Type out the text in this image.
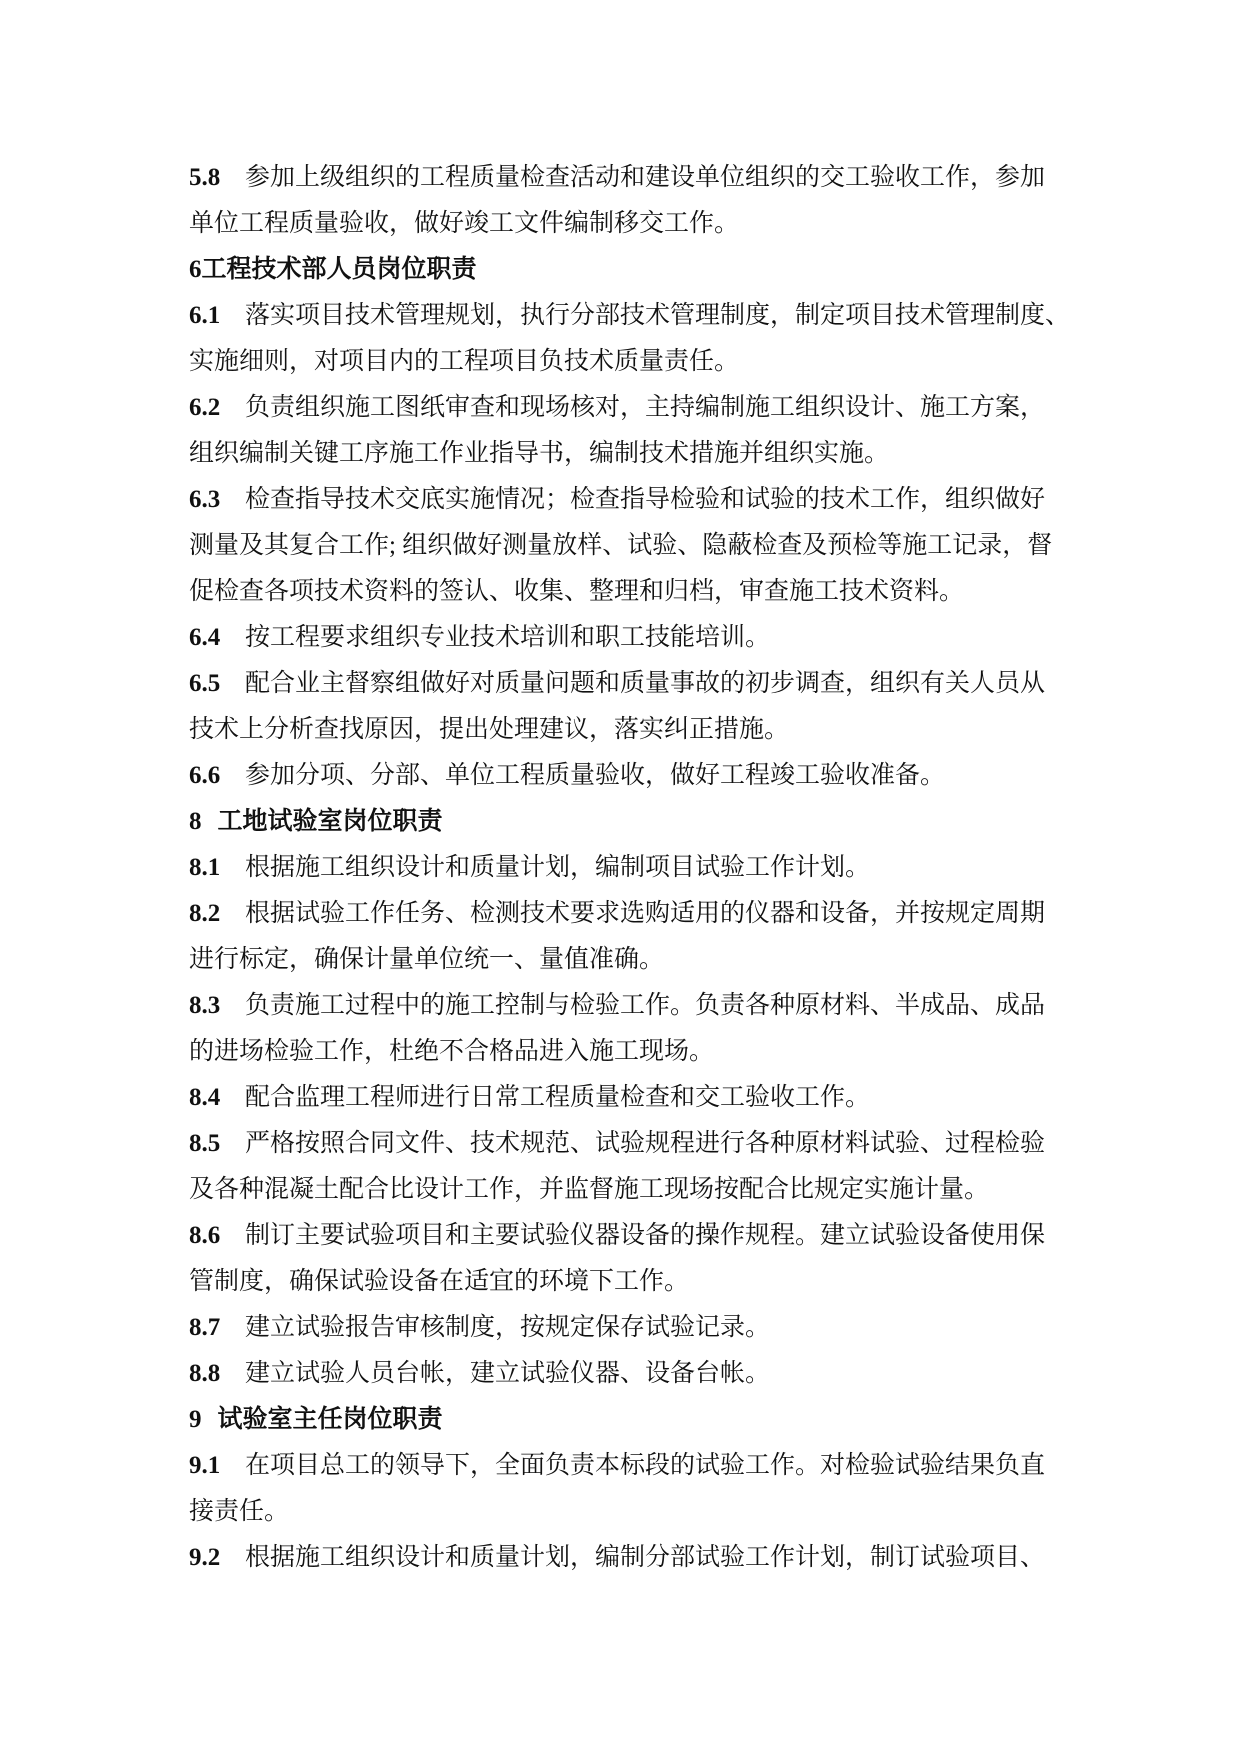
5.8 参加上级组织的工程质量检查活动和建设单位组织的交工验收工作，参加
单位工程质量验收，做好竣工文件编制移交工作。
6工程技术部人员岗位职责
6.1 落实项目技术管理规划，执行分部技术管理制度，制定项目技术管理制度、
实施细则，对项目内的工程项目负技术质量责任。
6.2 负责组织施工图纸审查和现场核对，主持编制施工组织设计、施工方案，
组织编制关键工序施工作业指导书，编制技术措施并组织实施。
6.3 检查指导技术交底实施情况；检查指导检验和试验的技术工作，组织做好
测量及其复合工作; 组织做好测量放样、试验、隐蔽检查及预检等施工记录，督
促检查各项技术资料的签认、收集、整理和归档，审查施工技术资料。
6.4 按工程要求组织专业技术培训和职工技能培训。
6.5 配合业主督察组做好对质量问题和质量事故的初步调查，组织有关人员从
技术上分析查找原因，提出处理建议，落实纠正措施。
6.6 参加分项、分部、单位工程质量验收，做好工程竣工验收准备。
8 工地试验室岗位职责
8.1 根据施工组织设计和质量计划，编制项目试验工作计划。
8.2 根据试验工作任务、检测技术要求选购适用的仪器和设备，并按规定周期
进行标定，确保计量单位统一、量值准确。
8.3 负责施工过程中的施工控制与检验工作。负责各种原材料、半成品、成品
的进场检验工作，杜绝不合格品进入施工现场。
8.4 配合监理工程师进行日常工程质量检查和交工验收工作。
8.5 严格按照合同文件、技术规范、试验规程进行各种原材料试验、过程检验
及各种混凝土配合比设计工作，并监督施工现场按配合比规定实施计量。
8.6 制订主要试验项目和主要试验仪器设备的操作规程。建立试验设备使用保
管制度，确保试验设备在适宜的环境下工作。
8.7 建立试验报告审核制度，按规定保存试验记录。
8.8 建立试验人员台帐，建立试验仪器、设备台帐。
9 试验室主任岗位职责
9.1 在项目总工的领导下，全面负责本标段的试验工作。对检验试验结果负直
接责任。
9.2 根据施工组织设计和质量计划，编制分部试验工作计划，制订试验项目、
